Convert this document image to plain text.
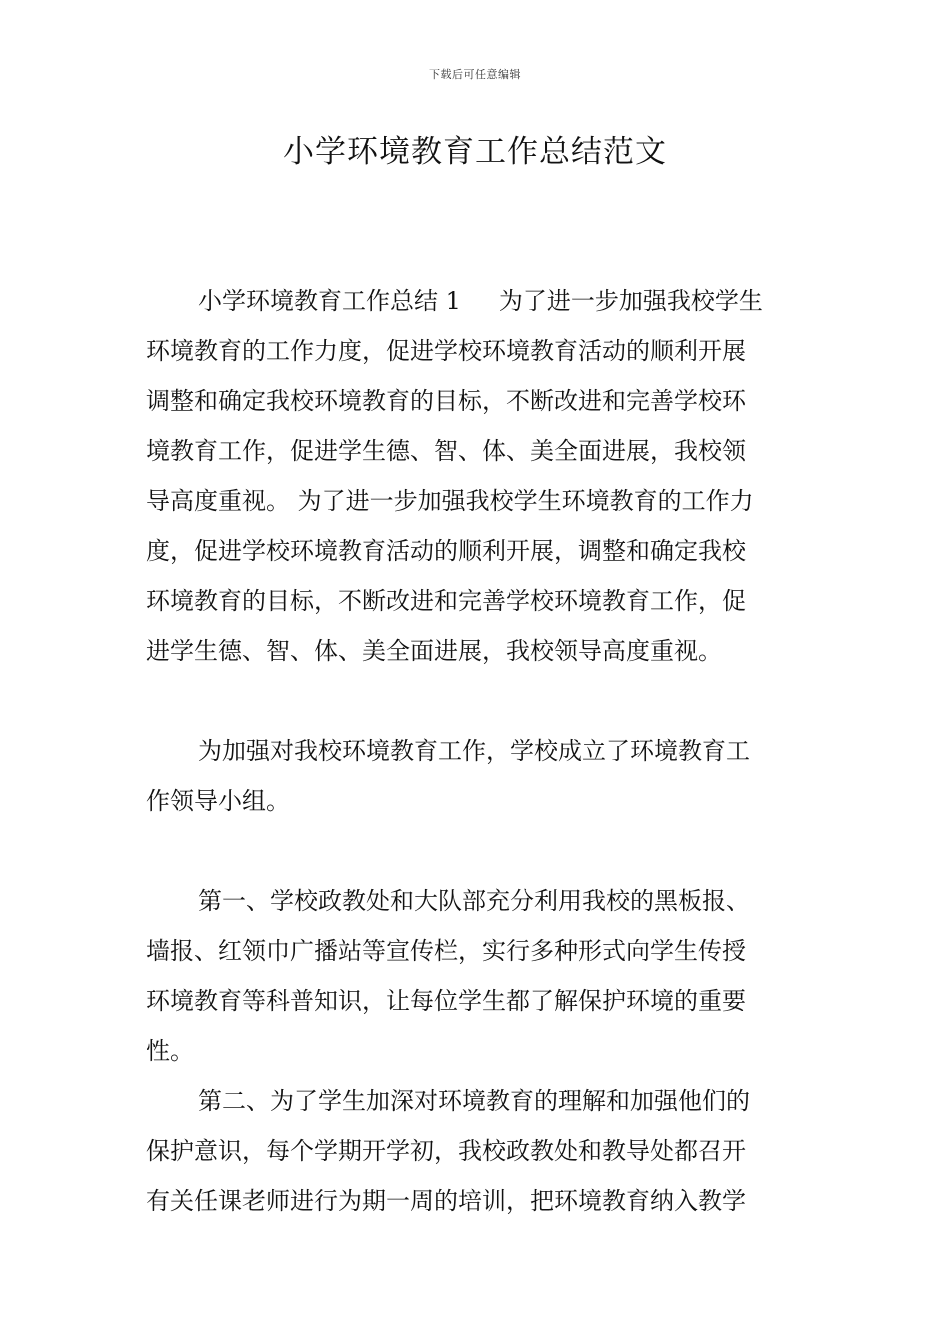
下载后可任意编辑
小学环境教育工作总结范文
小学环境教育工作总结 1 为了进一步加强我校学生
环境教育的工作力度，促进学校环境教育活动的顺利开展
调整和确定我校环境教育的目标，不断改进和完善学校环
境教育工作，促进学生德、智、体、美全面进展，我校领
导高度重视。 为了进一步加强我校学生环境教育的工作力
度，促进学校环境教育活动的顺利开展，调整和确定我校
环境教育的目标，不断改进和完善学校环境教育工作，促
进学生德、智、体、美全面进展，我校领导高度重视。
为加强对我校环境教育工作，学校成立了环境教育工
作领导小组。
第一、学校政教处和大队部充分利用我校的黑板报、
墙报、红领巾广播站等宣传栏，实行多种形式向学生传授
环境教育等科普知识，让每位学生都了解保护环境的重要
性。
第二、为了学生加深对环境教育的理解和加强他们的
保护意识，每个学期开学初，我校政教处和教导处都召开
有关任课老师进行为期一周的培训，把环境教育纳入教学
